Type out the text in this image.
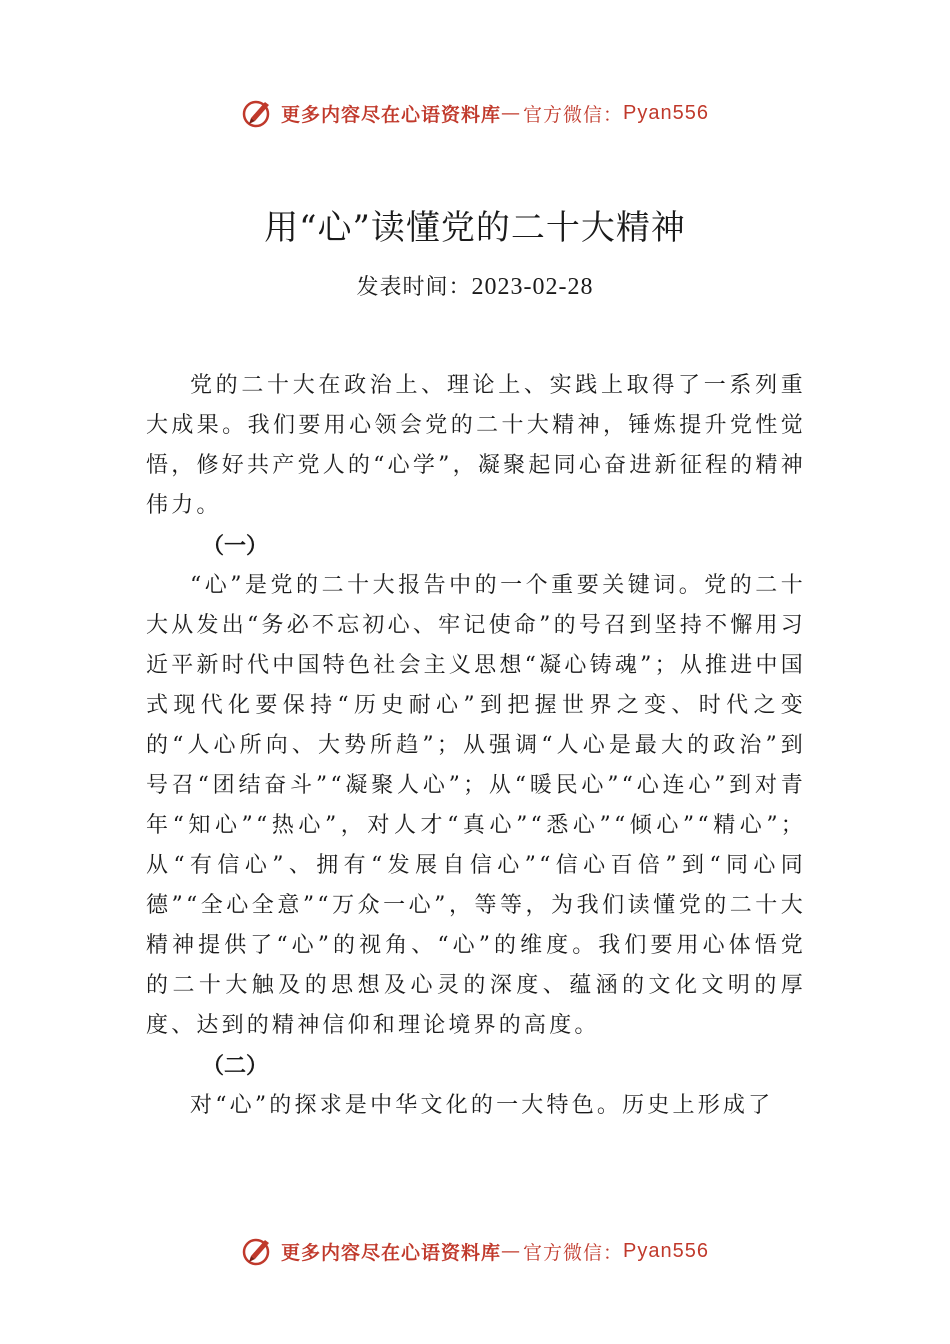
更多内容尽在心语资料库 — 官方微信： Pyan556
用“心”读懂党的二十大精神
发表时间：2023-02-28

党的二十大在政治上、理论上、实践上取得了一系列重大成果。我们要用心领会党的二十大精神，锤炼提升党性觉悟，修好共产党人的“心学”，凝聚起同心奋进新征程的精神伟力。

（一）

“心”是党的二十大报告中的一个重要关键词。党的二十大从发出“务必不忘初心、牢记使命”的号召到坚持不懈用习近平新时代中国特色社会主义思想“凝心铸魂”；从推进中国式现代化要保持“历史耐心”到把握世界之变、时代之变的“人心所向、大势所趋”；从强调“人心是最大的政治”到号召“团结奋斗”“凝聚人心”；从“暖民心”“心连心”到对青年“知心”“热心”，对人才“真心”“悉心”“倾心”“精心”；从“有信心”、拥有“发展自信心”“信心百倍”到“同心同德”“全心全意”“万众一心”，等等，为我们读懂党的二十大精神提供了“心”的视角、“心”的维度。我们要用心体悟党的二十大触及的思想及心灵的深度、蕴涵的文化文明的厚度、达到的精神信仰和理论境界的高度。

（二）

对“心”的探求是中华文化的一大特色。历史上形成了

更多内容尽在心语资料库 — 官方微信： Pyan556
